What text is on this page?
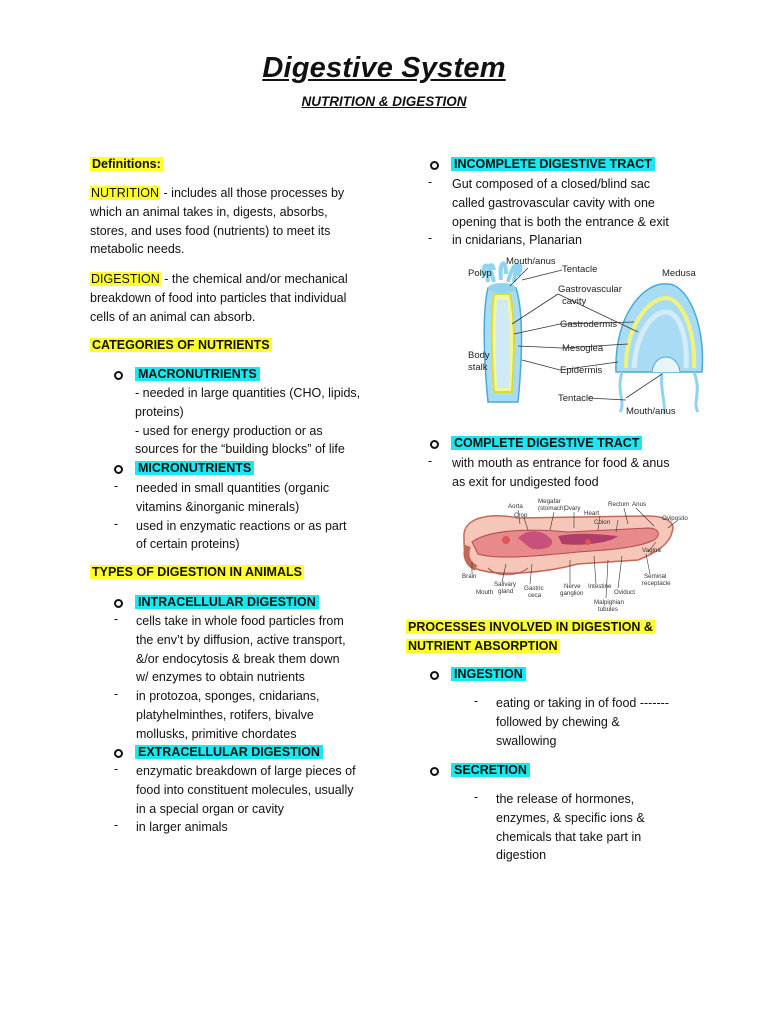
Digestive System
NUTRITION & DIGESTION
Definitions:
NUTRITION - includes all those processes by
which an animal takes in, digests, absorbs,
stores, and uses food (nutrients) to meet its
metabolic needs.
DIGESTION - the chemical and/or mechanical
breakdown of food into particles that individual
cells of an animal can absorb.
CATEGORIES OF NUTRIENTS
MACRONUTRIENTS
- needed in large quantities (CHO, lipids,
proteins)
- used for energy production or as
sources for the “building blocks” of life
MICRONUTRIENTS
- needed in small quantities (organic
vitamins &inorganic minerals)
- used in enzymatic reactions or as part
of certain proteins)
TYPES OF DIGESTION IN ANIMALS
INTRACELLULAR DIGESTION
- cells take in whole food particles from
the env’t by diffusion, active transport,
&/or endocytosis & break them down
w/ enzymes to obtain nutrients
- in protozoa, sponges, cnidarians,
platyhelminthes, rotifers, bivalve
mollusks, primitive chordates
EXTRACELLULAR DIGESTION
- enzymatic breakdown of large pieces of
food into constituent molecules, usually
in a special organ or cavity
- in larger animals
INCOMPLETE DIGESTIVE TRACT
- Gut composed of a closed/blind sac
called gastrovascular cavity with one
opening that is both the entrance & exit
- in cnidarians, Planarian
Polyp
Mouth/anus
Tentacle	Medusa
Gastrovascular
cavity
Gastrodermis
Mesoglea
Epidermis
Body
stalk
Tentacle
Mouth/anus
COMPLETE DIGESTIVE TRACT
- with mouth as entrance for food & anus
as exit for undigested food
Aorta
Crop
Megafar
(stomach)
Ovary
Heart
Colon
Rectum Anus
Oviposito
Vagina
Seminal
receptacle
Brain
Mouth
Salivary
gland Gastric
ceca
Nerve
ganglion
Intestine
Oviduct
Malpighian
tubules
PROCESSES INVOLVED IN DIGESTION &
NUTRIENT ABSORPTION
INGESTION
- eating or taking in of food -------
followed by chewing &
swallowing
SECRETION
- the release of hormones,
enzymes, & specific ions &
chemicals that take part in
digestion
